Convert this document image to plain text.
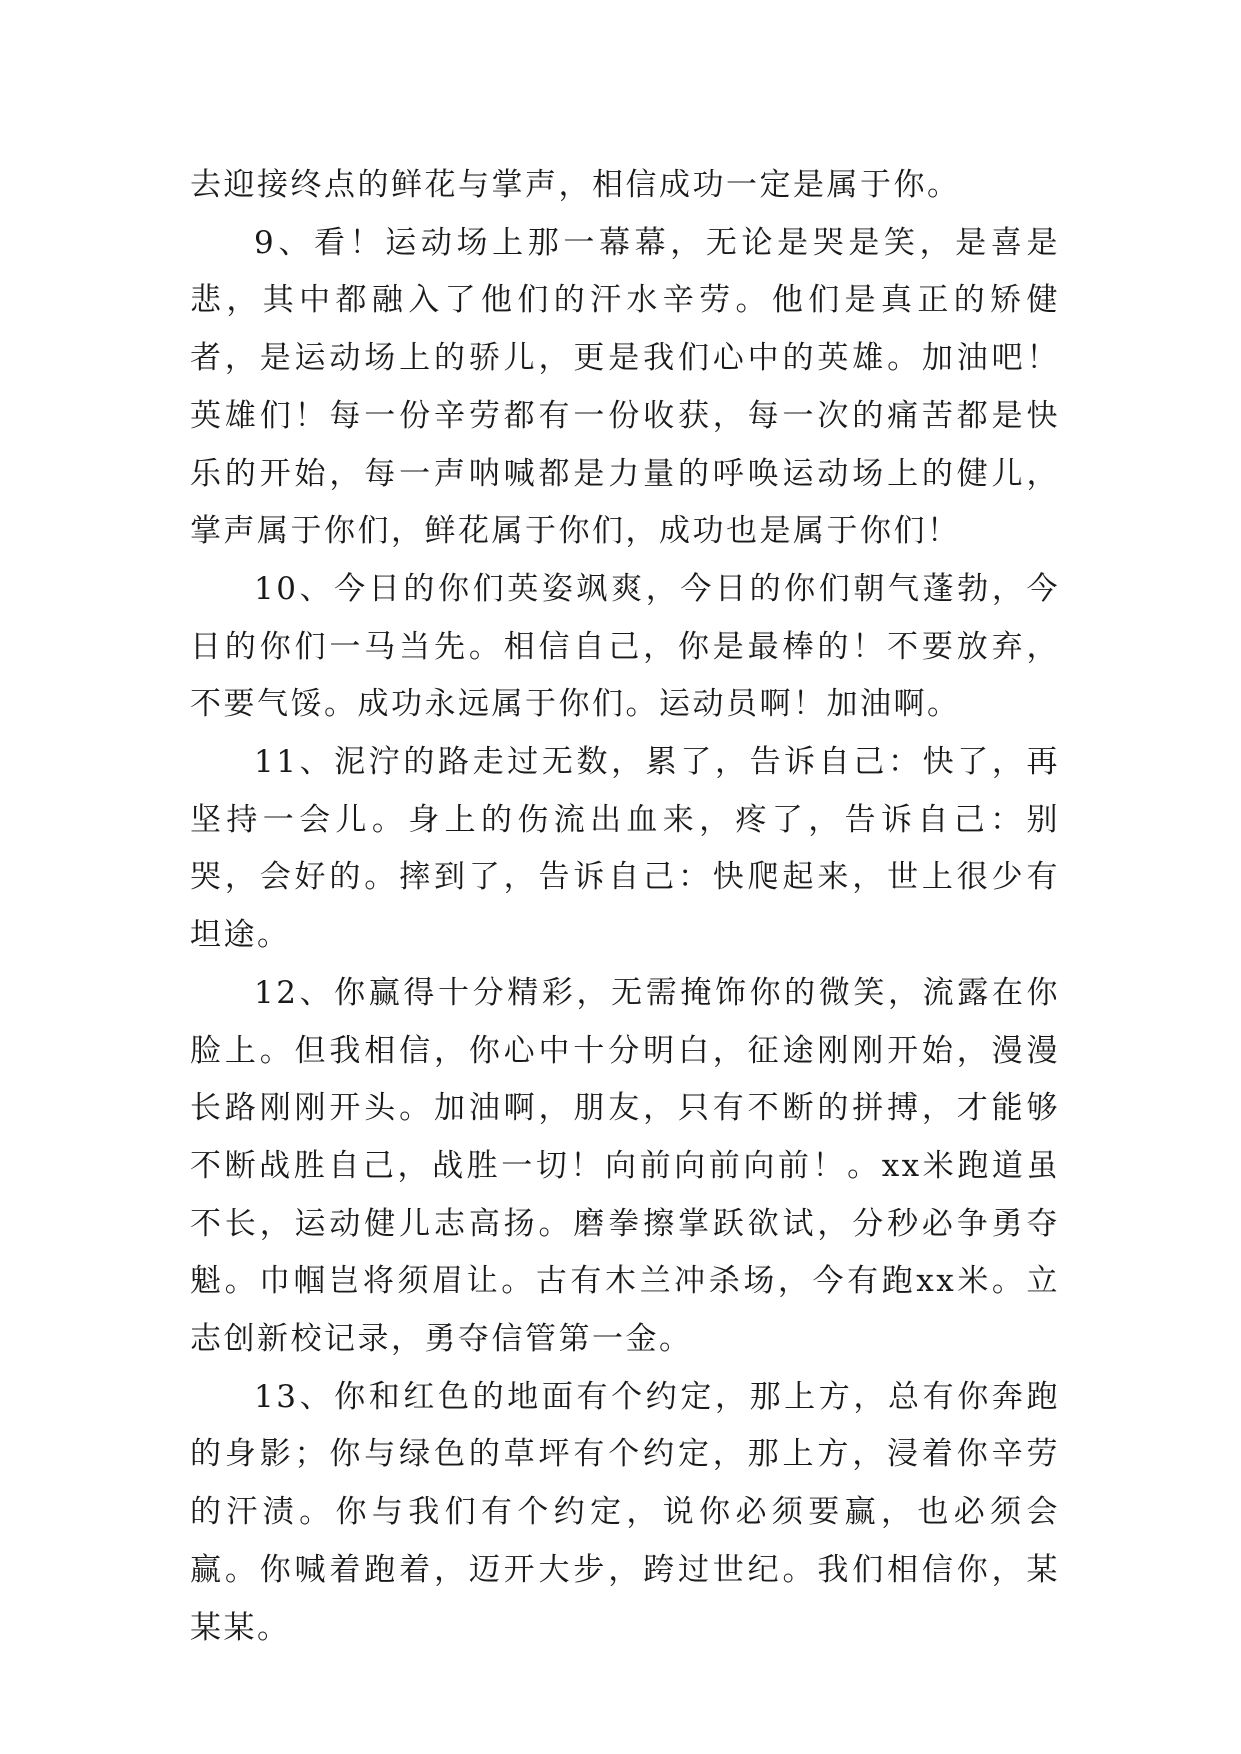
去迎接终点的鲜花与掌声，相信成功一定是属于你。

9、看！运动场上那一幕幕，无论是哭是笑，是喜是悲，其中都融入了他们的汗水辛劳。他们是真正的矫健者，是运动场上的骄儿，更是我们心中的英雄。加油吧！英雄们！每一份辛劳都有一份收获，每一次的痛苦都是快乐的开始，每一声呐喊都是力量的呼唤运动场上的健儿，掌声属于你们，鲜花属于你们，成功也是属于你们！

10、今日的你们英姿飒爽，今日的你们朝气蓬勃，今日的你们一马当先。相信自己，你是最棒的！不要放弃，不要气馁。成功永远属于你们。运动员啊！加油啊。

11、泥泞的路走过无数，累了，告诉自己：快了，再坚持一会儿。身上的伤流出血来，疼了，告诉自己：别哭，会好的。摔到了，告诉自己：快爬起来，世上很少有坦途。

12、你赢得十分精彩，无需掩饰你的微笑，流露在你脸上。但我相信，你心中十分明白，征途刚刚开始，漫漫长路刚刚开头。加油啊，朋友，只有不断的拼搏，才能够不断战胜自己，战胜一切！向前向前向前！。xx米跑道虽不长，运动健儿志高扬。磨拳擦掌跃欲试，分秒必争勇夺魁。巾帼岂将须眉让。古有木兰冲杀场，今有跑xx米。立志创新校记录，勇夺信管第一金。

13、你和红色的地面有个约定，那上方，总有你奔跑的身影；你与绿色的草坪有个约定，那上方，浸着你辛劳的汗渍。你与我们有个约定，说你必须要赢，也必须会赢。你喊着跑着，迈开大步，跨过世纪。我们相信你，某某某。
